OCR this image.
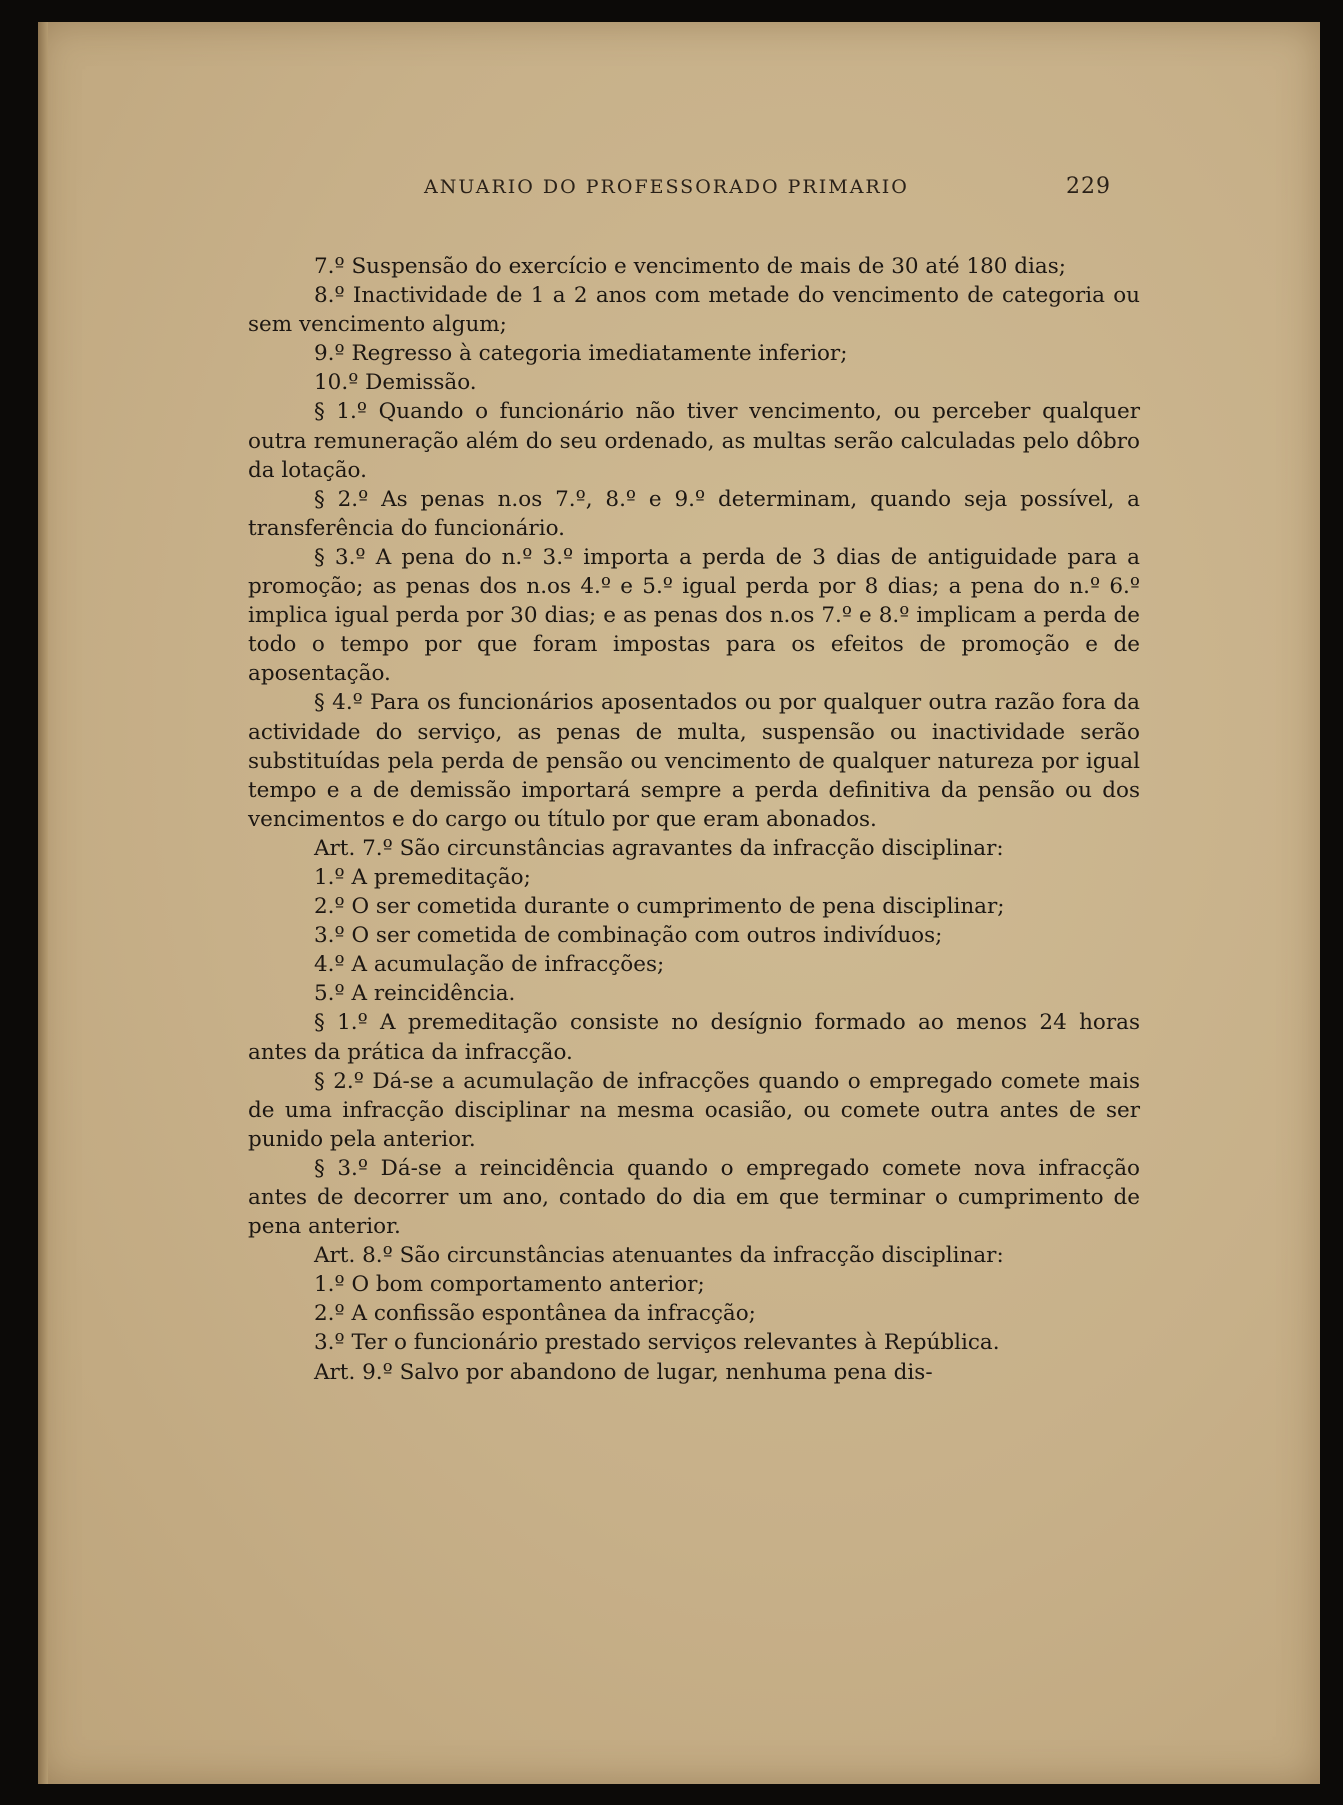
ANUARIO DO PROFESSORADO PRIMARIO	229

7.º Suspensão do exercício e vencimento de mais de 30 até 180 dias;

8.º Inactividade de 1 a 2 anos com metade do vencimento de categoria ou sem vencimento algum;

9.º Regresso à categoria imediatamente inferior;

10.º Demissão.

§ 1.º Quando o funcionário não tiver vencimento, ou perceber qualquer outra remuneração além do seu ordenado, as multas serão calculadas pelo dôbro da lotação.

§ 2.º As penas n.os 7.º, 8.º e 9.º determinam, quando seja possível, a transferência do funcionário.

§ 3.º A pena do n.º 3.º importa a perda de 3 dias de antiguidade para a promoção; as penas dos n.os 4.º e 5.º igual perda por 8 dias; a pena do n.º 6.º implica igual perda por 30 dias; e as penas dos n.os 7.º e 8.º implicam a perda de todo o tempo por que foram impostas para os efeitos de promoção e de aposentação.

§ 4.º Para os funcionários aposentados ou por qualquer outra razão fora da actividade do serviço, as penas de multa, suspensão ou inactividade serão substituídas pela perda de pensão ou vencimento de qualquer natureza por igual tempo e a de demissão importará sempre a perda definitiva da pensão ou dos vencimentos e do cargo ou título por que eram abonados.

Art. 7.º São circunstâncias agravantes da infracção disciplinar:

1.º A premeditação;

2.º O ser cometida durante o cumprimento de pena disciplinar;

3.º O ser cometida de combinação com outros indivíduos;

4.º A acumulação de infracções;

5.º A reincidência.

§ 1.º A premeditação consiste no desígnio formado ao menos 24 horas antes da prática da infracção.

§ 2.º Dá-se a acumulação de infracções quando o empregado comete mais de uma infracção disciplinar na mesma ocasião, ou comete outra antes de ser punido pela anterior.

§ 3.º Dá-se a reincidência quando o empregado comete nova infracção antes de decorrer um ano, contado do dia em que terminar o cumprimento de pena anterior.

Art. 8.º São circunstâncias atenuantes da infracção disciplinar:

1.º O bom comportamento anterior;

2.º A confissão espontânea da infracção;

3.º Ter o funcionário prestado serviços relevantes à República.

Art. 9.º Salvo por abandono de lugar, nenhuma pena dis-
